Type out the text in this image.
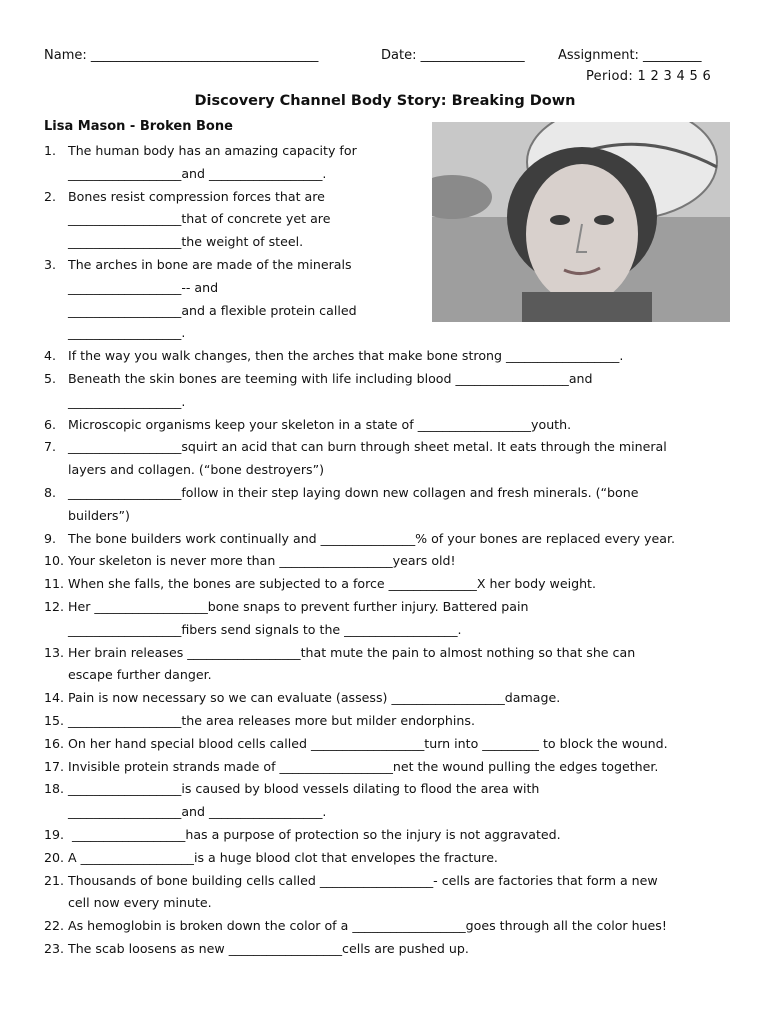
Name: ___________________________________	Date: ________________	Assignment: _________
Period: 1 2 3 4 5 6
Discovery Channel Body Story: Breaking Down
Lisa Mason - Broken Bone
1. The human body has an amazing capacity for
__________________and __________________.
2. Bones resist compression forces that are
__________________that of concrete yet are
__________________the weight of steel.
3. The arches in bone are made of the minerals
__________________-- and
__________________and a flexible protein called
__________________.
4. If the way you walk changes, then the arches that make bone strong __________________.
5. Beneath the skin bones are teeming with life including blood __________________and
__________________.
6. Microscopic organisms keep your skeleton in a state of __________________youth.
7. __________________squirt an acid that can burn through sheet metal. It eats through the mineral
layers and collagen. (“bone destroyers”)
8. __________________follow in their step laying down new collagen and fresh minerals. (“bone
builders”)
9. The bone builders work continually and _______________% of your bones are replaced every year.
10. Your skeleton is never more than __________________years old!
11. When she falls, the bones are subjected to a force ______________X her body weight.
12. Her __________________bone snaps to prevent further injury. Battered pain
__________________fibers send signals to the __________________.
13. Her brain releases __________________that mute the pain to almost nothing so that she can
escape further danger.
14. Pain is now necessary so we can evaluate (assess) __________________damage.
15. __________________the area releases more but milder endorphins.
16. On her hand special blood cells called __________________turn into _________ to block the wound.
17. Invisible protein strands made of __________________net the wound pulling the edges together.
18. __________________is caused by blood vessels dilating to flood the area with
__________________and __________________.
19. __________________has a purpose of protection so the injury is not aggravated.
20. A __________________is a huge blood clot that envelopes the fracture.
21. Thousands of bone building cells called __________________- cells are factories that form a new
cell now every minute.
22. As hemoglobin is broken down the color of a __________________goes through all the color hues!
23. The scab loosens as new __________________cells are pushed up.
